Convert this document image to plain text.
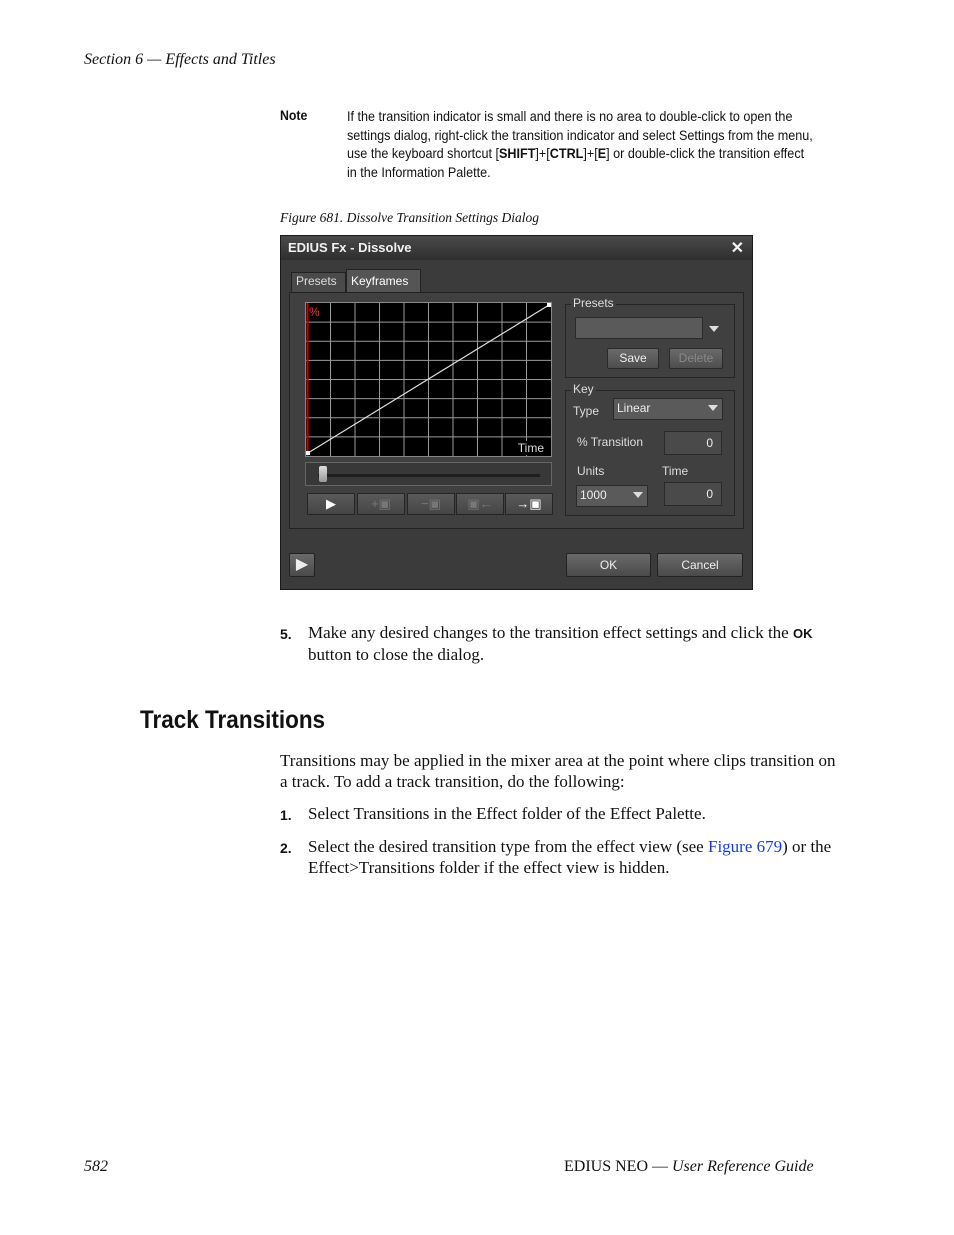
Section 6 — Effects and Titles
Note	If the transition indicator is small and there is no area to double-click to open the settings dialog, right-click the transition indicator and select Settings from the menu, use the keyboard shortcut [SHIFT]+[CTRL]+[E] or double-click the transition effect in the Information Palette.
Figure 681. Dissolve Transition Settings Dialog
EDIUS Fx - Dissolve	✕
Presets	Keyframes
%
Time
▶	+▣	−▣	▣←	→▣
Presets
Save	Delete
Key
Type	Linear
% Transition	0
Units	Time
1000	0
▶	OK	Cancel
5. Make any desired changes to the transition effect settings and click the OK button to close the dialog.
Track Transitions
Transitions may be applied in the mixer area at the point where clips transition on a track. To add a track transition, do the following:
1. Select Transitions in the Effect folder of the Effect Palette.
2. Select the desired transition type from the effect view (see Figure 679) or the Effect>Transitions folder if the effect view is hidden.
582	EDIUS NEO — User Reference Guide
